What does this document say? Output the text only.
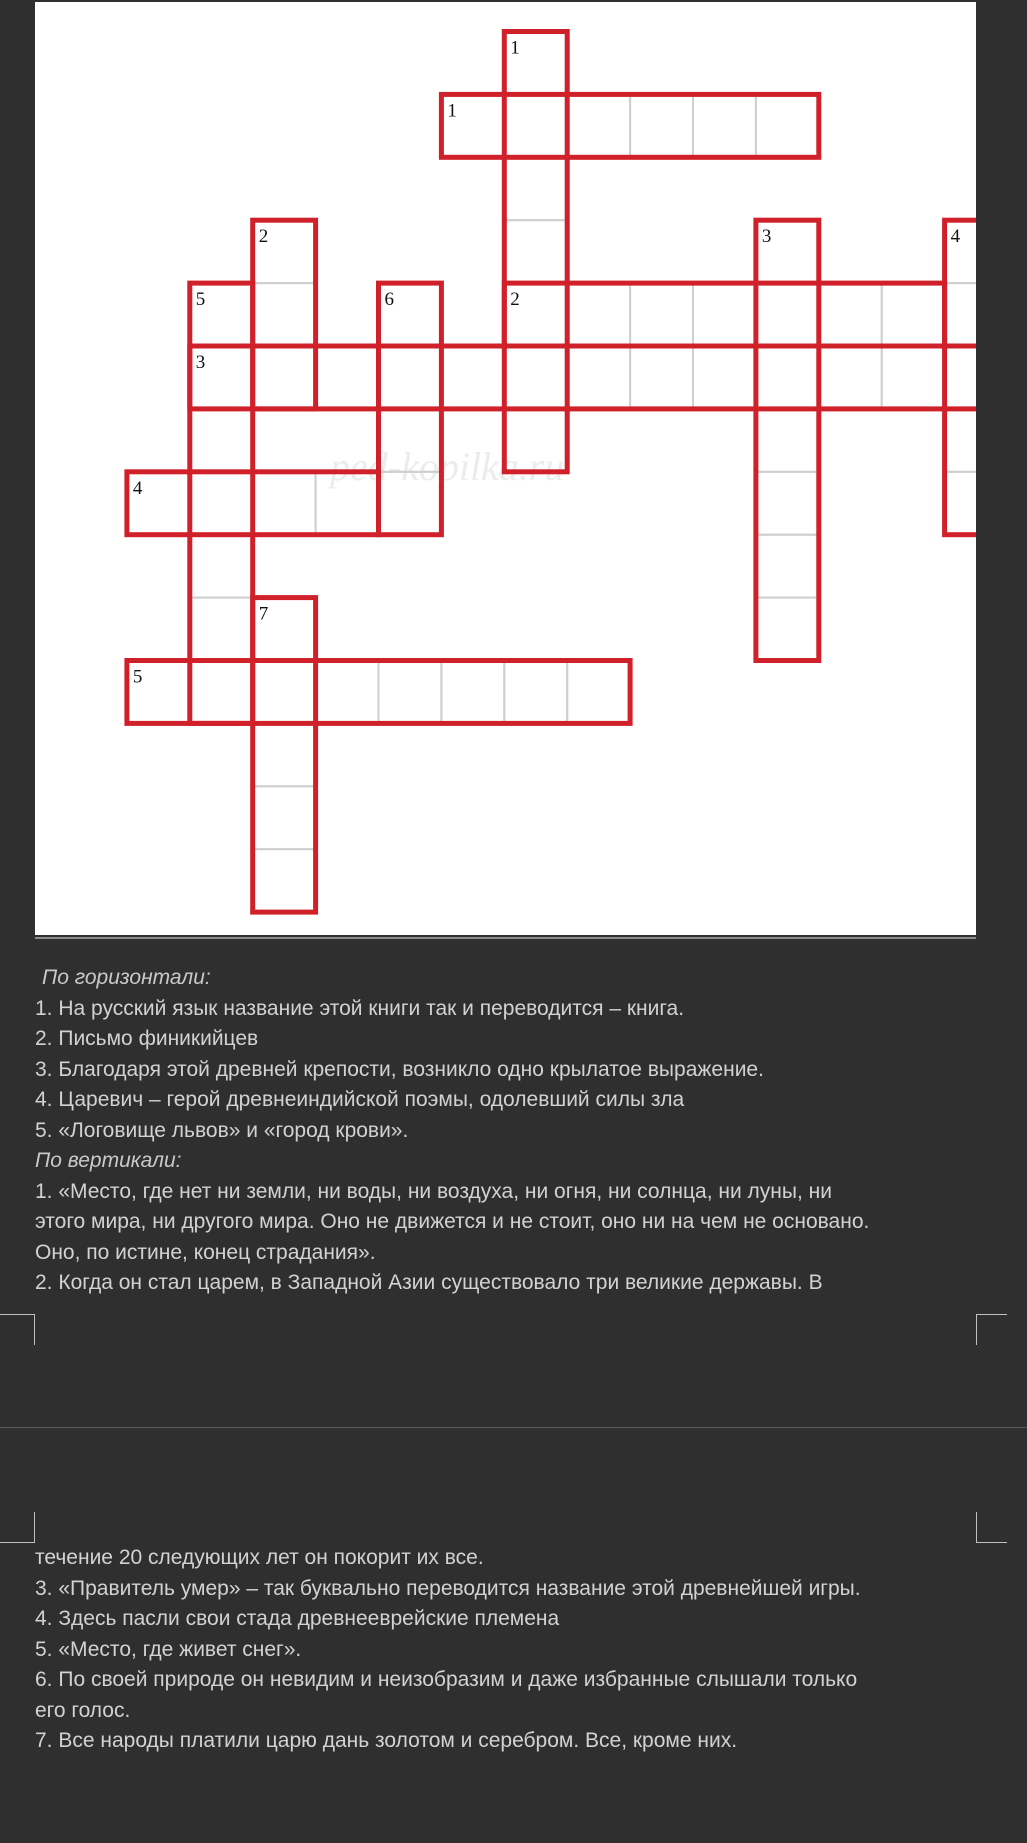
ped-kopilka.ru
1
2
3
4
5
1
2	3	4
5	6
7

По горизонтали:

1. На русский язык название этой книги так и переводится – книга.

2. Письмо финикийцев

3. Благодаря этой древней крепости, возникло одно крылатое выражение.

4. Царевич – герой древнеиндийской поэмы, одолевший силы зла

5. «Логовище львов» и «город крови».

По вертикали:

1. «Место, где нет ни земли, ни воды, ни воздуха, ни огня, ни солнца, ни луны, ни

этого мира, ни другого мира. Оно не движется и не стоит, оно ни на чем не основано.

Оно, по истине, конец страдания».

2. Когда он стал царем, в Западной Азии существовало три великие державы. В

течение 20 следующих лет он покорит их все.

3. «Правитель умер» – так буквально переводится название этой древнейшей игры.

4. Здесь пасли свои стада древнееврейские племена

5. «Место, где живет снег».

6. По своей природе он невидим и неизобразим и даже избранные слышали только

его голос.

7. Все народы платили царю дань золотом и серебром. Все, кроме них.
